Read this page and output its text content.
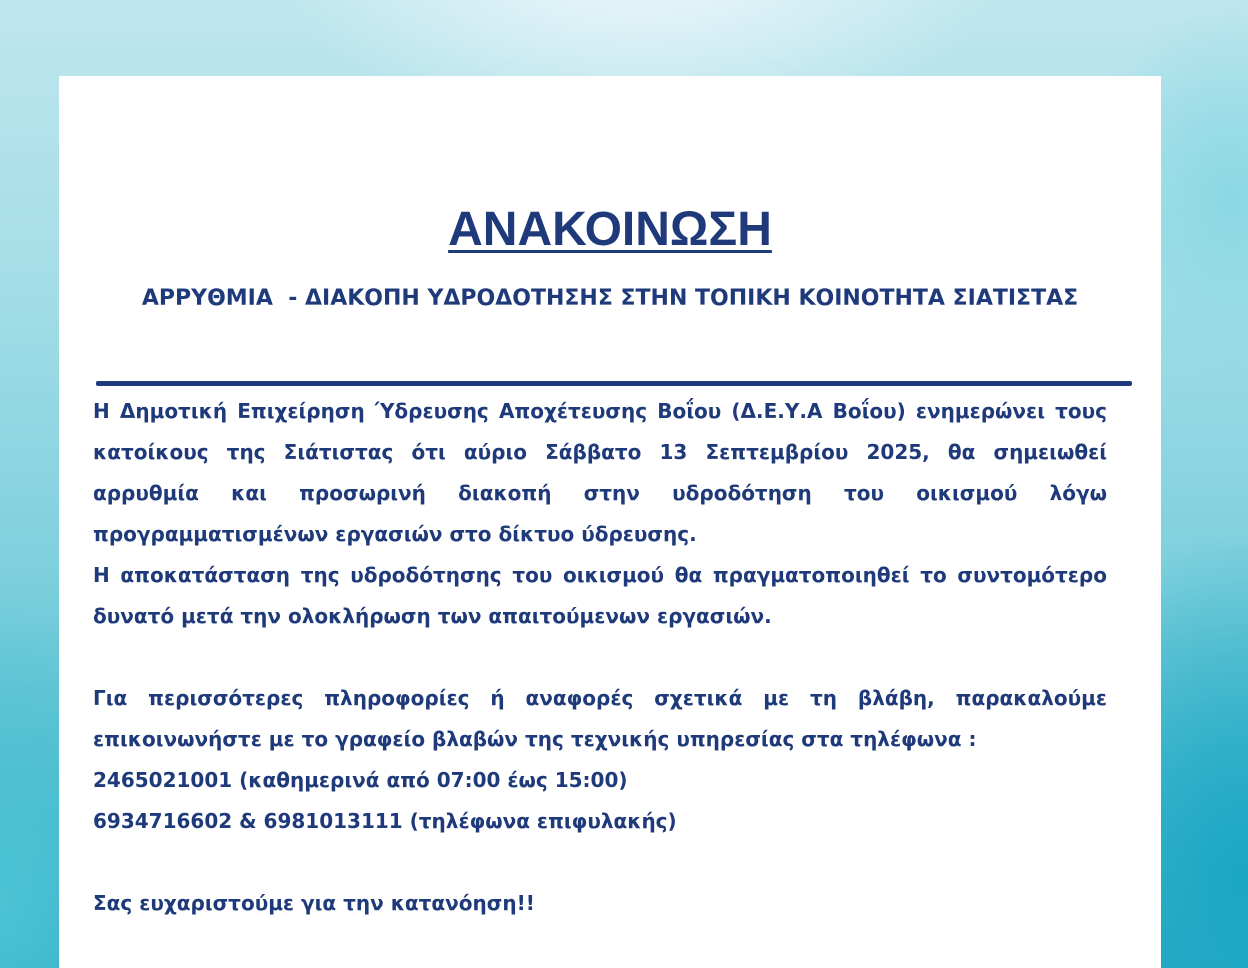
ΑΝΑΚΟΙΝΩΣΗ

ΑΡΡΥΘΜΙΑ  - ΔΙΑΚΟΠΗ ΥΔΡΟΔΟΤΗΣΗΣ ΣΤΗΝ ΤΟΠΙΚΗ ΚΟΙΝΟΤΗΤΑ ΣΙΑΤΙΣΤΑΣ

Η Δημοτική Επιχείρηση Ύδρευσης Αποχέτευσης Βοΐου (Δ.Ε.Υ.Α Βοΐου) ενημερώνει τους κατοίκους της Σιάτιστας ότι αύριο Σάββατο 13 Σεπτεμβρίου 2025, θα σημειωθεί αρρυθμία και προσωρινή διακοπή στην υδροδότηση του οικισμού λόγω προγραμματισμένων εργασιών στο δίκτυο ύδρευσης.

Η αποκατάσταση της υδροδότησης του οικισμού θα πραγματοποιηθεί το συντομότερο δυνατό μετά την ολοκλήρωση των απαιτούμενων εργασιών.

Για περισσότερες πληροφορίες ή αναφορές σχετικά με τη βλάβη, παρακαλούμε επικοινωνήστε με το γραφείο βλαβών της τεχνικής υπηρεσίας στα τηλέφωνα :

2465021001 (καθημερινά από 07:00 έως 15:00)

6934716602 & 6981013111 (τηλέφωνα επιφυλακής)

Σας ευχαριστούμε για την κατανόηση!!
